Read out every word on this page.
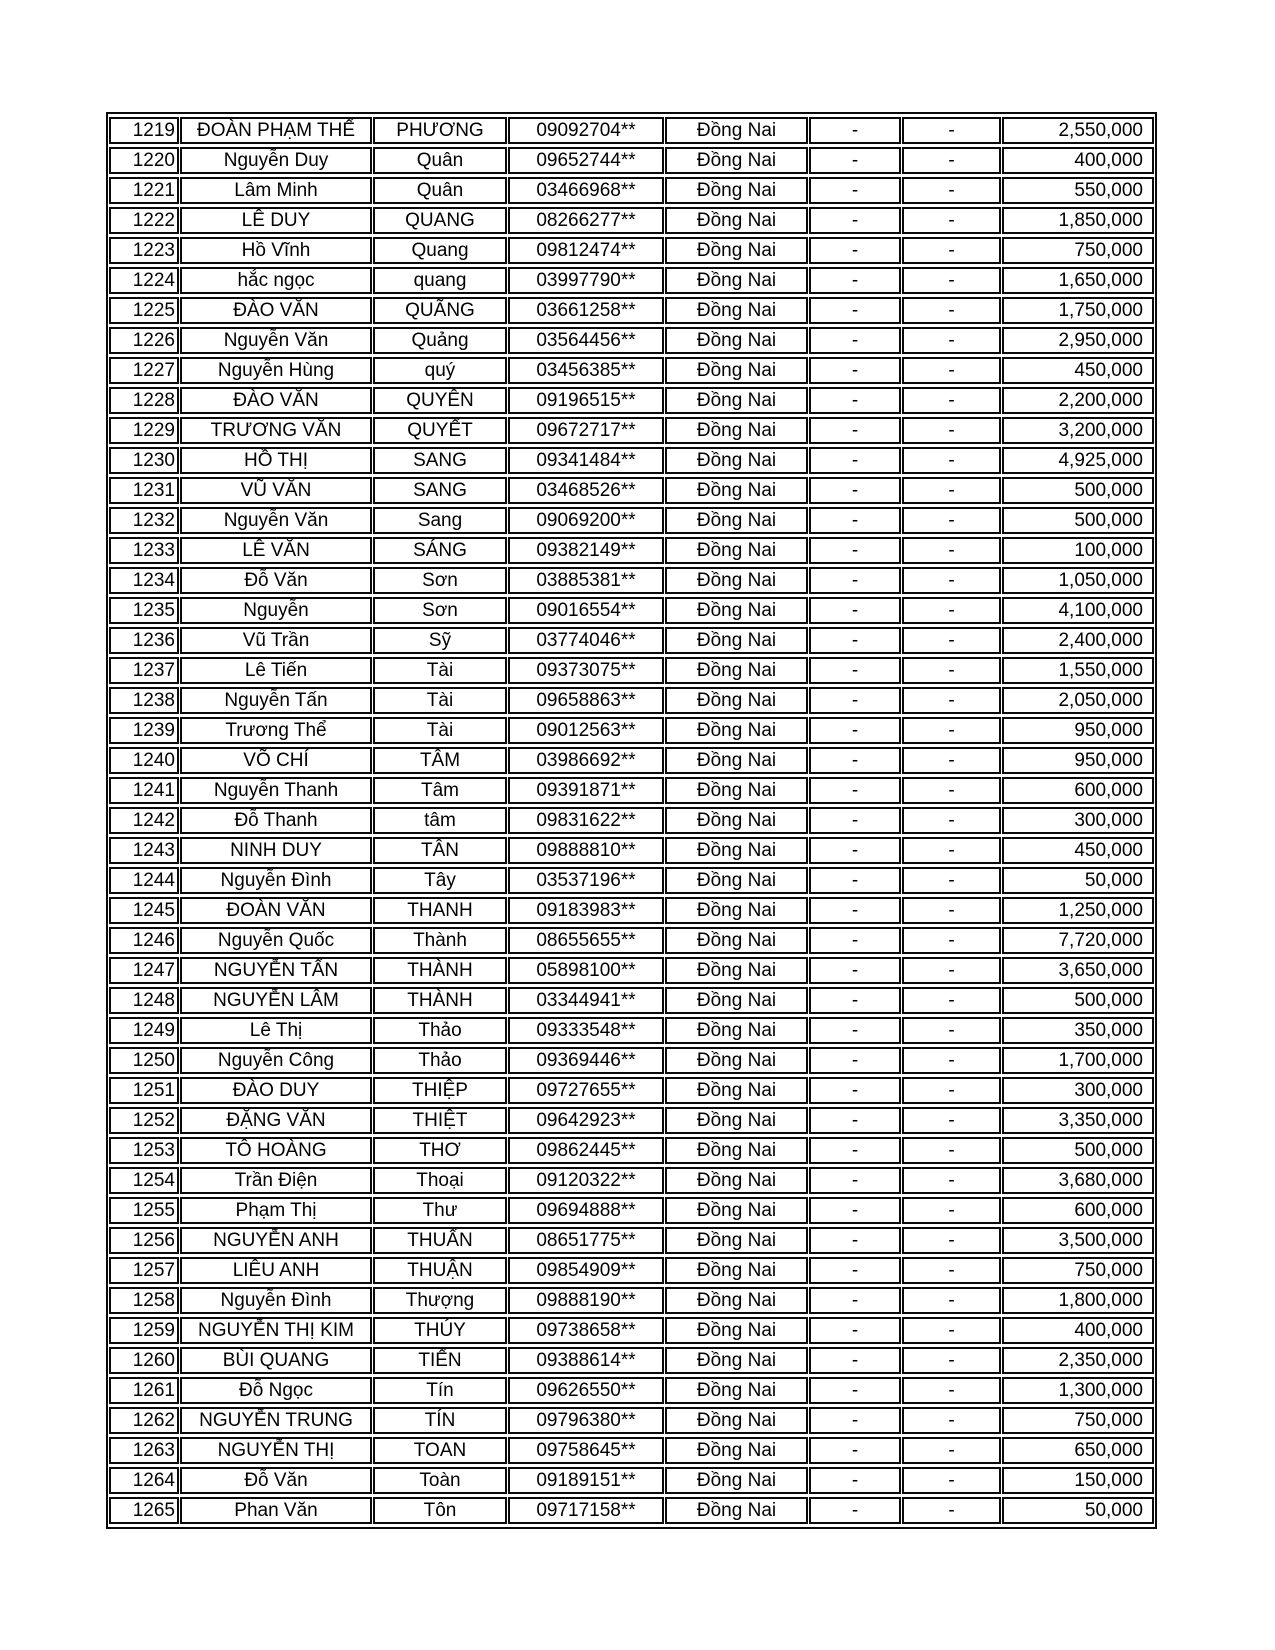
1219	ĐOÀN PHẠM THẾ	PHƯƠNG	09092704**	Đồng Nai	-	-	2,550,000
1220	Nguyễn Duy	Quân	09652744**	Đồng Nai	-	-	400,000
1221	Lâm Minh	Quân	03466968**	Đồng Nai	-	-	550,000
1222	LÊ DUY	QUANG	08266277**	Đồng Nai	-	-	1,850,000
1223	Hồ Vĩnh	Quang	09812474**	Đồng Nai	-	-	750,000
1224	hắc ngọc	quang	03997790**	Đồng Nai	-	-	1,650,000
1225	ĐÀO VĂN	QUÃNG	03661258**	Đồng Nai	-	-	1,750,000
1226	Nguyễn Văn	Quảng	03564456**	Đồng Nai	-	-	2,950,000
1227	Nguyễn Hùng	quý	03456385**	Đồng Nai	-	-	450,000
1228	ĐÀO VĂN	QUYÊN	09196515**	Đồng Nai	-	-	2,200,000
1229	TRƯƠNG VĂN	QUYẾT	09672717**	Đồng Nai	-	-	3,200,000
1230	HỒ THỊ	SANG	09341484**	Đồng Nai	-	-	4,925,000
1231	VŨ VĂN	SANG	03468526**	Đồng Nai	-	-	500,000
1232	Nguyễn Văn	Sang	09069200**	Đồng Nai	-	-	500,000
1233	LÊ VĂN	SÁNG	09382149**	Đồng Nai	-	-	100,000
1234	Đỗ Văn	Sơn	03885381**	Đồng Nai	-	-	1,050,000
1235	Nguyễn	Sơn	09016554**	Đồng Nai	-	-	4,100,000
1236	Vũ Trần	Sỹ	03774046**	Đồng Nai	-	-	2,400,000
1237	Lê Tiến	Tài	09373075**	Đồng Nai	-	-	1,550,000
1238	Nguyễn Tấn	Tài	09658863**	Đồng Nai	-	-	2,050,000
1239	Trương Thể	Tài	09012563**	Đồng Nai	-	-	950,000
1240	VÕ CHÍ	TÂM	03986692**	Đồng Nai	-	-	950,000
1241	Nguyễn Thanh	Tâm	09391871**	Đồng Nai	-	-	600,000
1242	Đỗ Thanh	tâm	09831622**	Đồng Nai	-	-	300,000
1243	NINH DUY	TÂN	09888810**	Đồng Nai	-	-	450,000
1244	Nguyễn Đình	Tây	03537196**	Đồng Nai	-	-	50,000
1245	ĐOÀN VĂN	THANH	09183983**	Đồng Nai	-	-	1,250,000
1246	Nguyễn Quốc	Thành	08655655**	Đồng Nai	-	-	7,720,000
1247	NGUYỄN TẤN	THÀNH	05898100**	Đồng Nai	-	-	3,650,000
1248	NGUYỄN LÂM	THÀNH	03344941**	Đồng Nai	-	-	500,000
1249	Lê Thị	Thảo	09333548**	Đồng Nai	-	-	350,000
1250	Nguyễn Công	Thảo	09369446**	Đồng Nai	-	-	1,700,000
1251	ĐÀO DUY	THIỆP	09727655**	Đồng Nai	-	-	300,000
1252	ĐẶNG VĂN	THIỆT	09642923**	Đồng Nai	-	-	3,350,000
1253	TÔ HOÀNG	THƠ	09862445**	Đồng Nai	-	-	500,000
1254	Trần Điện	Thoại	09120322**	Đồng Nai	-	-	3,680,000
1255	Phạm Thị	Thư	09694888**	Đồng Nai	-	-	600,000
1256	NGUYỄN ANH	THUẤN	08651775**	Đồng Nai	-	-	3,500,000
1257	LIÊU ANH	THUẬN	09854909**	Đồng Nai	-	-	750,000
1258	Nguyễn Đình	Thượng	09888190**	Đồng Nai	-	-	1,800,000
1259	NGUYỄN THỊ KIM	THÚY	09738658**	Đồng Nai	-	-	400,000
1260	BÙI QUANG	TIẾN	09388614**	Đồng Nai	-	-	2,350,000
1261	Đỗ Ngọc	Tín	09626550**	Đồng Nai	-	-	1,300,000
1262	NGUYỄN TRUNG	TÍN	09796380**	Đồng Nai	-	-	750,000
1263	NGUYỄN THỊ	TOAN	09758645**	Đồng Nai	-	-	650,000
1264	Đỗ Văn	Toàn	09189151**	Đồng Nai	-	-	150,000
1265	Phan Văn	Tôn	09717158**	Đồng Nai	-	-	50,000
